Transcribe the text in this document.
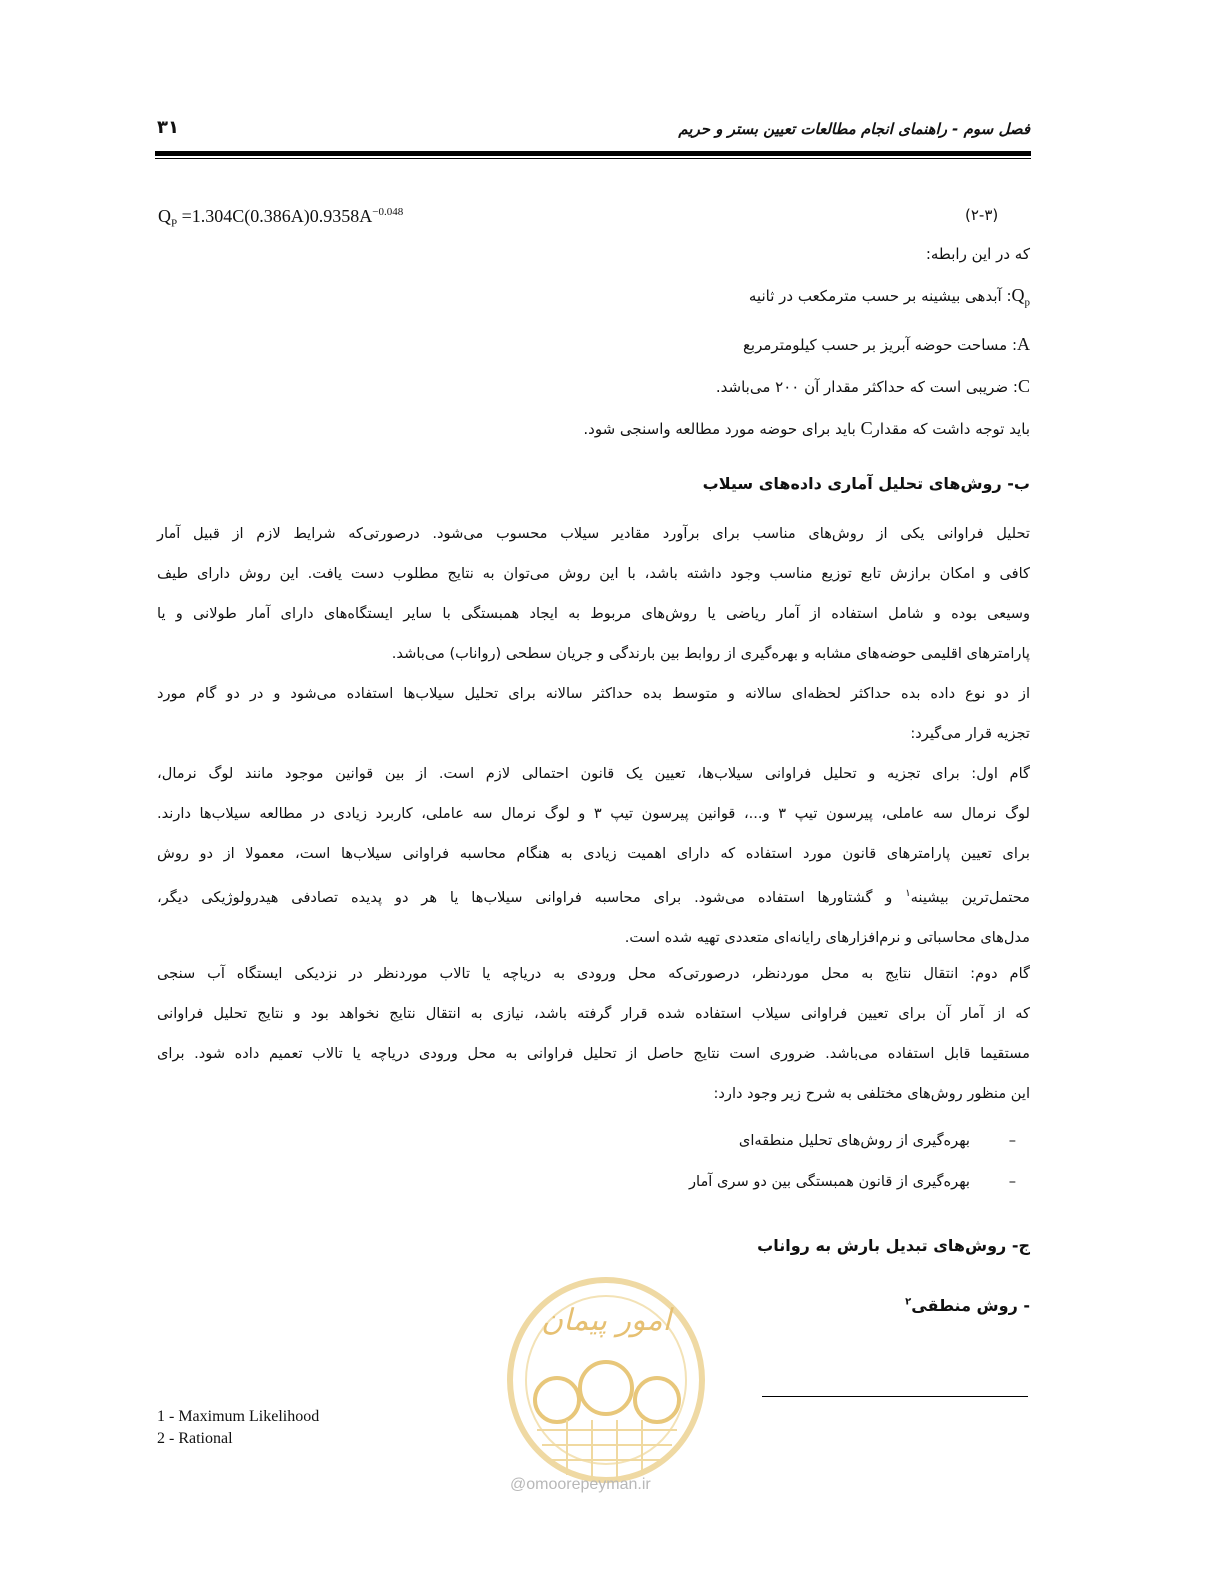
فصل سوم - راهنمای انجام مطالعات تعیین بستر و حریم
۳۱
$Q_P =1.304C(0.386A)0.9358A^{-0.048}$	(۲-۳)
که در این رابطه:
$Q_p$: آبدهی بیشینه بر حسب مترمکعب در ثانیه
A: مساحت حوضه آبریز بر حسب کیلومترمربع
C: ضریبی است که حداکثر مقدار آن ۲۰۰ می‌باشد.
باید توجه داشت که مقدارC باید برای حوضه مورد مطالعه واسنجی شود.
ب- روش‌های تحلیل آماری داده‌های سیلاب
تحلیل فراوانی یکی از روش‌های مناسب برای برآورد مقادیر سیلاب محسوب می‌شود. درصورتی‌که شرایط لازم از قبیل آمار
کافی و امکان برازش تابع توزیع مناسب وجود داشته باشد، با این روش می‌توان به نتایج مطلوب دست یافت. این روش دارای طیف
وسیعی بوده و شامل استفاده از آمار ریاضی یا روش‌های مربوط به ایجاد همبستگی با سایر ایستگاه‌های دارای آمار طولانی و یا
پارامترهای اقلیمی حوضه‌های مشابه و بهره‌گیری از روابط بین بارندگی و جریان سطحی (رواناب) می‌باشد.
از دو نوع داده بده حداکثر لحظه‌ای سالانه و متوسط بده حداکثر سالانه برای تحلیل سیلاب‌ها استفاده می‌شود و در دو گام مورد
تجزیه قرار می‌گیرد:
گام اول: برای تجزیه و تحلیل فراوانی سیلاب‌ها، تعیین یک قانون احتمالی لازم است. از بین قوانین موجود مانند لوگ نرمال،
لوگ نرمال سه عاملی، پیرسون تیپ ۳ و...، قوانین پیرسون تیپ ۳ و لوگ نرمال سه عاملی، کاربرد زیادی در مطالعه سیلاب‌ها دارند.
برای تعیین پارامترهای قانون مورد استفاده که دارای اهمیت زیادی به هنگام محاسبه فراوانی سیلاب‌ها است، معمولا از دو روش
محتمل‌ترین بیشینه$^۱$ و گشتاورها استفاده می‌شود. برای محاسبه فراوانی سیلاب‌ها یا هر دو پدیده تصادفی هیدرولوژیکی دیگر،
مدل‌های محاسباتی و نرم‌افزارهای رایانه‌ای متعددی تهیه شده است.
گام دوم: انتقال نتایج به محل موردنظر، درصورتی‌که محل ورودی به دریاچه یا تالاب موردنظر در نزدیکی ایستگاه آب سنجی
که از آمار آن برای تعیین فراوانی سیلاب استفاده شده قرار گرفته باشد، نیازی به انتقال نتایج نخواهد بود و نتایج تحلیل فراوانی
مستقیما قابل استفاده می‌باشد. ضروری است نتایج حاصل از تحلیل فراوانی به محل ورودی دریاچه یا تالاب تعمیم داده شود. برای
این منظور روش‌های مختلفی به شرح زیر وجود دارد:
–
بهره‌گیری از روش‌های تحلیل منطقه‌ای
–
بهره‌گیری از قانون همبستگی بین دو سری آمار
ج- روش‌های تبدیل بارش به رواناب
- روش منطقی$^۲$
امور پیمان
@omoorepeyman.ir
1 - Maximum Likelihood
2 - Rational
